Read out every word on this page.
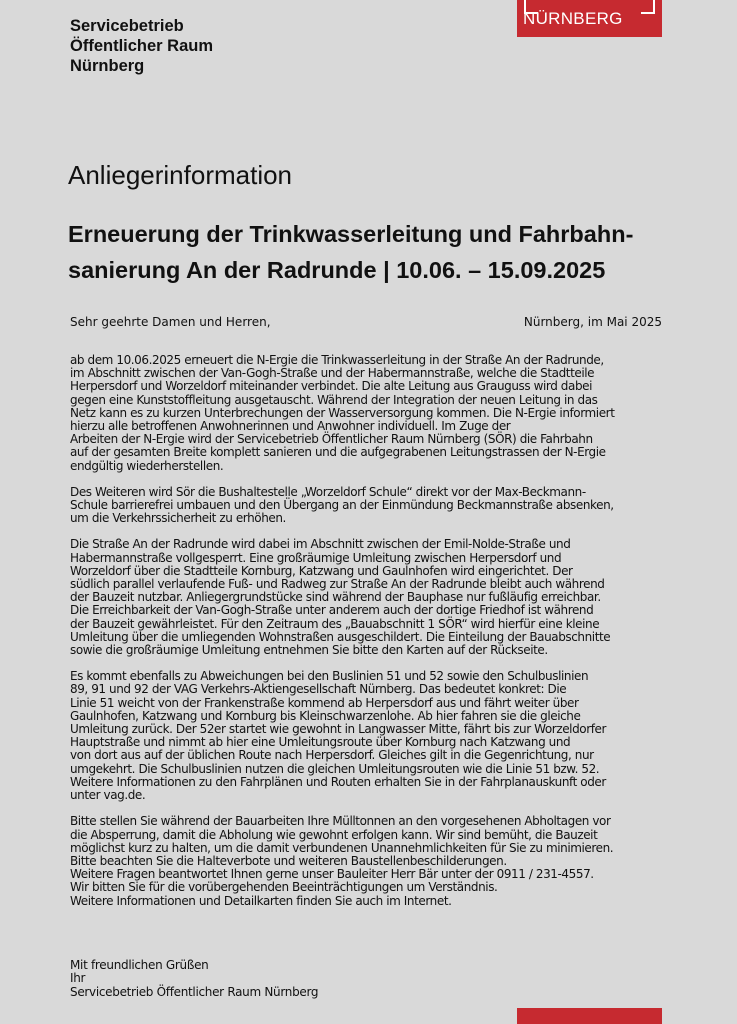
Servicebetrieb
Öffentlicher Raum
Nürnberg
NÜRNBERG
Anliegerinformation
Erneuerung der Trinkwasserleitung und Fahrbahn-
sanierung An der Radrunde | 10.06. – 15.09.2025
Sehr geehrte Damen und Herren,	Nürnberg, im Mai 2025

ab dem 10.06.2025 erneuert die N-Ergie die Trinkwasserleitung in der Straße An der Radrunde,
im Abschnitt zwischen der Van-Gogh-Straße und der Habermannstraße, welche die Stadtteile
Herpersdorf und Worzeldorf miteinander verbindet. Die alte Leitung aus Grauguss wird dabei
gegen eine Kunststoffleitung ausgetauscht. Während der Integration der neuen Leitung in das
Netz kann es zu kurzen Unterbrechungen der Wasserversorgung kommen. Die N-Ergie informiert
hierzu alle betroffenen Anwohnerinnen und Anwohner individuell. Im Zuge der
Arbeiten der N-Ergie wird der Servicebetrieb Öffentlicher Raum Nürnberg (SÖR) die Fahrbahn
auf der gesamten Breite komplett sanieren und die aufgegrabenen Leitungstrassen der N-Ergie
endgültig wiederherstellen.

Des Weiteren wird Sör die Bushaltestelle „Worzeldorf Schule“ direkt vor der Max-Beckmann-
Schule barrierefrei umbauen und den Übergang an der Einmündung Beckmannstraße absenken,
um die Verkehrssicherheit zu erhöhen.

Die Straße An der Radrunde wird dabei im Abschnitt zwischen der Emil-Nolde-Straße und
Habermannstraße vollgesperrt. Eine großräumige Umleitung zwischen Herpersdorf und
Worzeldorf über die Stadtteile Kornburg, Katzwang und Gaulnhofen wird eingerichtet. Der
südlich parallel verlaufende Fuß- und Radweg zur Straße An der Radrunde bleibt auch während
der Bauzeit nutzbar. Anliegergrundstücke sind während der Bauphase nur fußläufig erreichbar.
Die Erreichbarkeit der Van-Gogh-Straße unter anderem auch der dortige Friedhof ist während
der Bauzeit gewährleistet. Für den Zeitraum des „Bauabschnitt 1 SÖR“ wird hierfür eine kleine
Umleitung über die umliegenden Wohnstraßen ausgeschildert. Die Einteilung der Bauabschnitte
sowie die großräumige Umleitung entnehmen Sie bitte den Karten auf der Rückseite.

Es kommt ebenfalls zu Abweichungen bei den Buslinien 51 und 52 sowie den Schulbuslinien
89, 91 und 92 der VAG Verkehrs-Aktiengesellschaft Nürnberg. Das bedeutet konkret: Die
Linie 51 weicht von der Frankenstraße kommend ab Herpersdorf aus und fährt weiter über
Gaulnhofen, Katzwang und Kornburg bis Kleinschwarzenlohe. Ab hier fahren sie die gleiche
Umleitung zurück. Der 52er startet wie gewohnt in Langwasser Mitte, fährt bis zur Worzeldorfer
Hauptstraße und nimmt ab hier eine Umleitungsroute über Kornburg nach Katzwang und
von dort aus auf der üblichen Route nach Herpersdorf. Gleiches gilt in die Gegenrichtung, nur
umgekehrt. Die Schulbuslinien nutzen die gleichen Umleitungsrouten wie die Linie 51 bzw. 52.
Weitere Informationen zu den Fahrplänen und Routen erhalten Sie in der Fahrplanauskunft oder
unter vag.de.

Bitte stellen Sie während der Bauarbeiten Ihre Mülltonnen an den vorgesehenen Abholtagen vor
die Absperrung, damit die Abholung wie gewohnt erfolgen kann. Wir sind bemüht, die Bauzeit
möglichst kurz zu halten, um die damit verbundenen Unannehmlichkeiten für Sie zu minimieren.
Bitte beachten Sie die Halteverbote und weiteren Baustellenbeschilderungen.
Weitere Fragen beantwortet Ihnen gerne unser Bauleiter Herr Bär unter der 0911 / 231-4557.
Wir bitten Sie für die vorübergehenden Beeinträchtigungen um Verständnis.
Weitere Informationen und Detailkarten finden Sie auch im Internet.

Mit freundlichen Grüßen
Ihr
Servicebetrieb Öffentlicher Raum Nürnberg
